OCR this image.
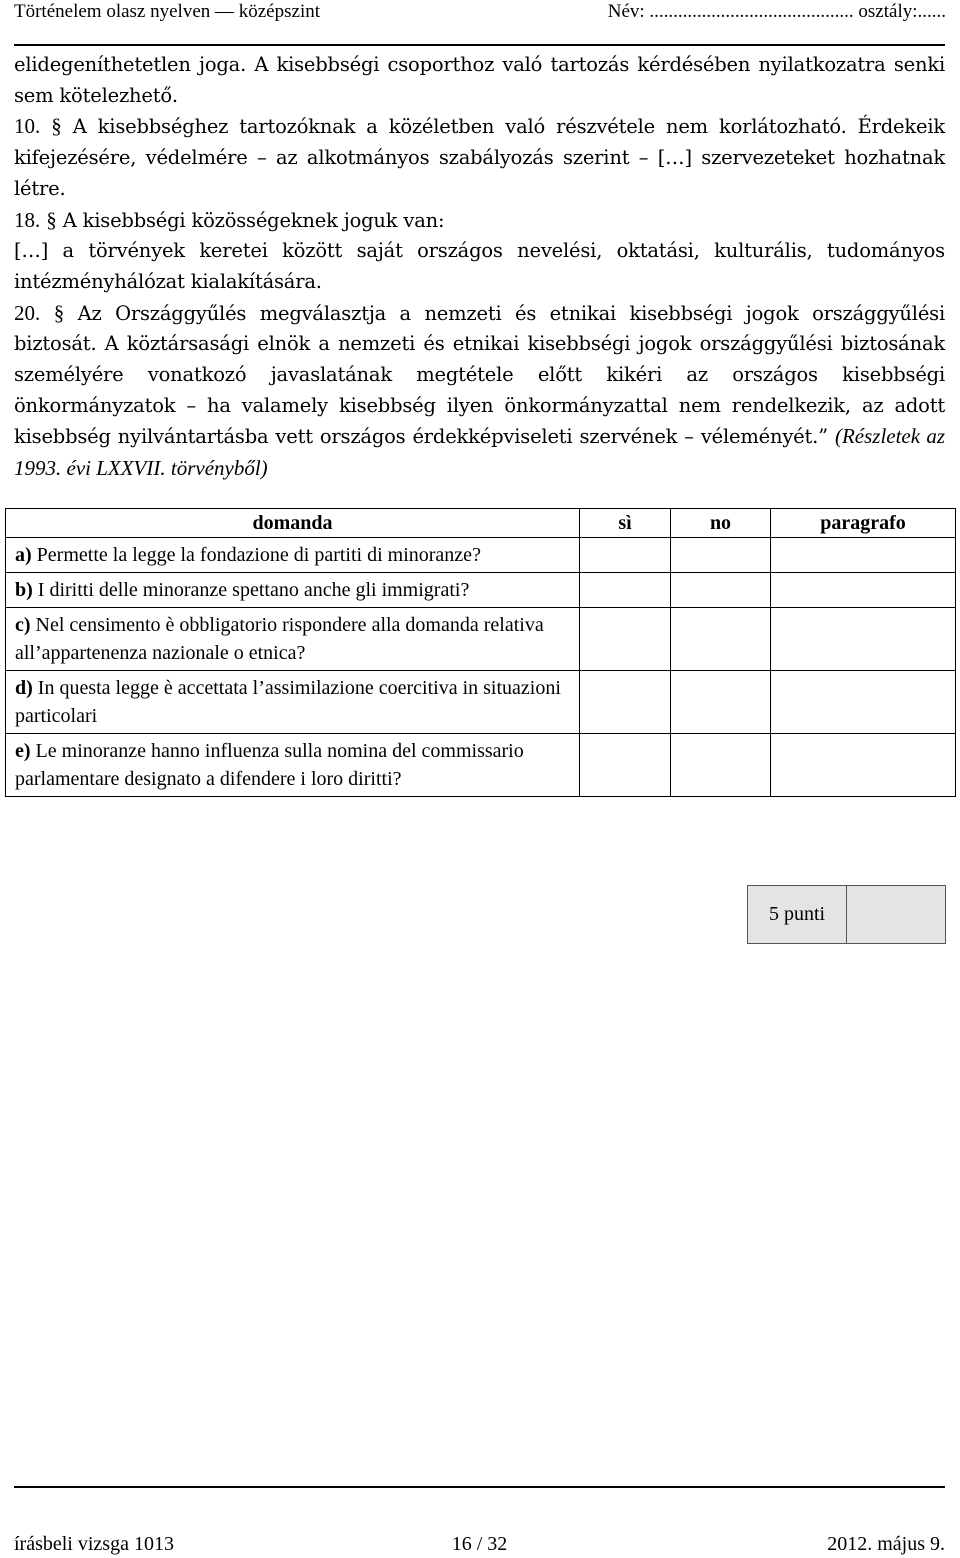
Történelem olasz nyelven — középszint	Név: ........................................... osztály:......

elidegeníthetetlen joga. A kisebbségi csoporthoz való tartozás kérdésében nyilatkozatra senki sem kötelezhető.

10. § A kisebbséghez tartozóknak a közéletben való részvétele nem korlátozható. Érdekeik kifejezésére, védelmére – az alkotmányos szabályozás szerint – […] szervezeteket hozhatnak létre.

18. § A kisebbségi közösségeknek joguk van:

[…] a törvények keretei között saját országos nevelési, oktatási, kulturális, tudományos intézményhálózat kialakítására.

20. § Az Országgyűlés megválasztja a nemzeti és etnikai kisebbségi jogok országgyűlési biztosát. A köztársasági elnök a nemzeti és etnikai kisebbségi jogok országgyűlési biztosának személyére vonatkozó javaslatának megtétele előtt kikéri az országos kisebbségi önkormányzatok – ha valamely kisebbség ilyen önkormányzattal nem rendelkezik, az adott kisebbség nyilvántartásba vett országos érdekképviseleti szervének – véleményét.” (Részletek az 1993. évi LXXVII. törvényből)

domanda	sì	no	paragrafo
a) Permette la legge la fondazione di partiti di minoranze?			
b) I diritti delle minoranze spettano anche gli immigrati?			
c) Nel censimento è obbligatorio rispondere alla domanda relativa all’appartenenza nazionale o etnica?			
d) In questa legge è accettata l’assimilazione coercitiva in situazioni particolari			
e) Le minoranze hanno influenza sulla nomina del commissario parlamentare designato a difendere i loro diritti?			
5 punti
írásbeli vizsga 1013	16 / 32	2012. május 9.
